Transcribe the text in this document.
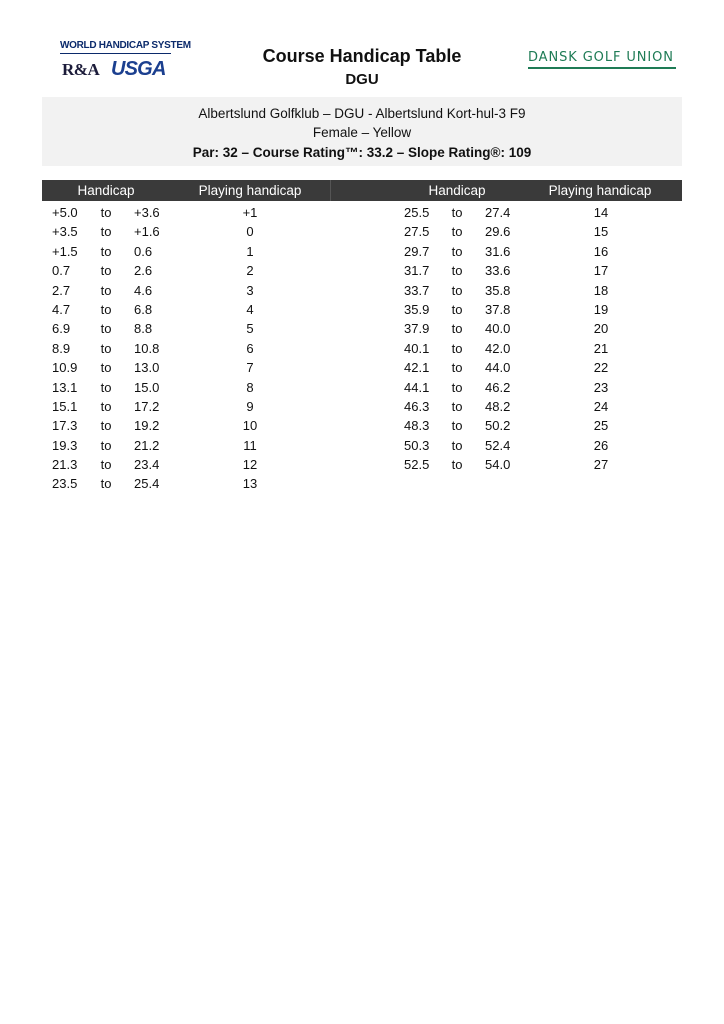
WORLD HANDICAP SYSTEM
R&A USGA
DANSK GOLF UNION
Course Handicap Table
DGU
Albertslund Golfklub – DGU - Albertslund Kort-hul-3 F9
Female – Yellow
Par: 32 – Course Rating™: 33.2 – Slope Rating®: 109
Handicap	Playing handicap	Handicap	Playing handicap
+5.0	to	+3.6	+1
+3.5	to	+1.6	0
+1.5	to	0.6	1
0.7	to	2.6	2
2.7	to	4.6	3
4.7	to	6.8	4
6.9	to	8.8	5
8.9	to	10.8	6
10.9	to	13.0	7
13.1	to	15.0	8
15.1	to	17.2	9
17.3	to	19.2	10
19.3	to	21.2	11
21.3	to	23.4	12
23.5	to	25.4	13
25.5	to	27.4	14
27.5	to	29.6	15
29.7	to	31.6	16
31.7	to	33.6	17
33.7	to	35.8	18
35.9	to	37.8	19
37.9	to	40.0	20
40.1	to	42.0	21
42.1	to	44.0	22
44.1	to	46.2	23
46.3	to	48.2	24
48.3	to	50.2	25
50.3	to	52.4	26
52.5	to	54.0	27
